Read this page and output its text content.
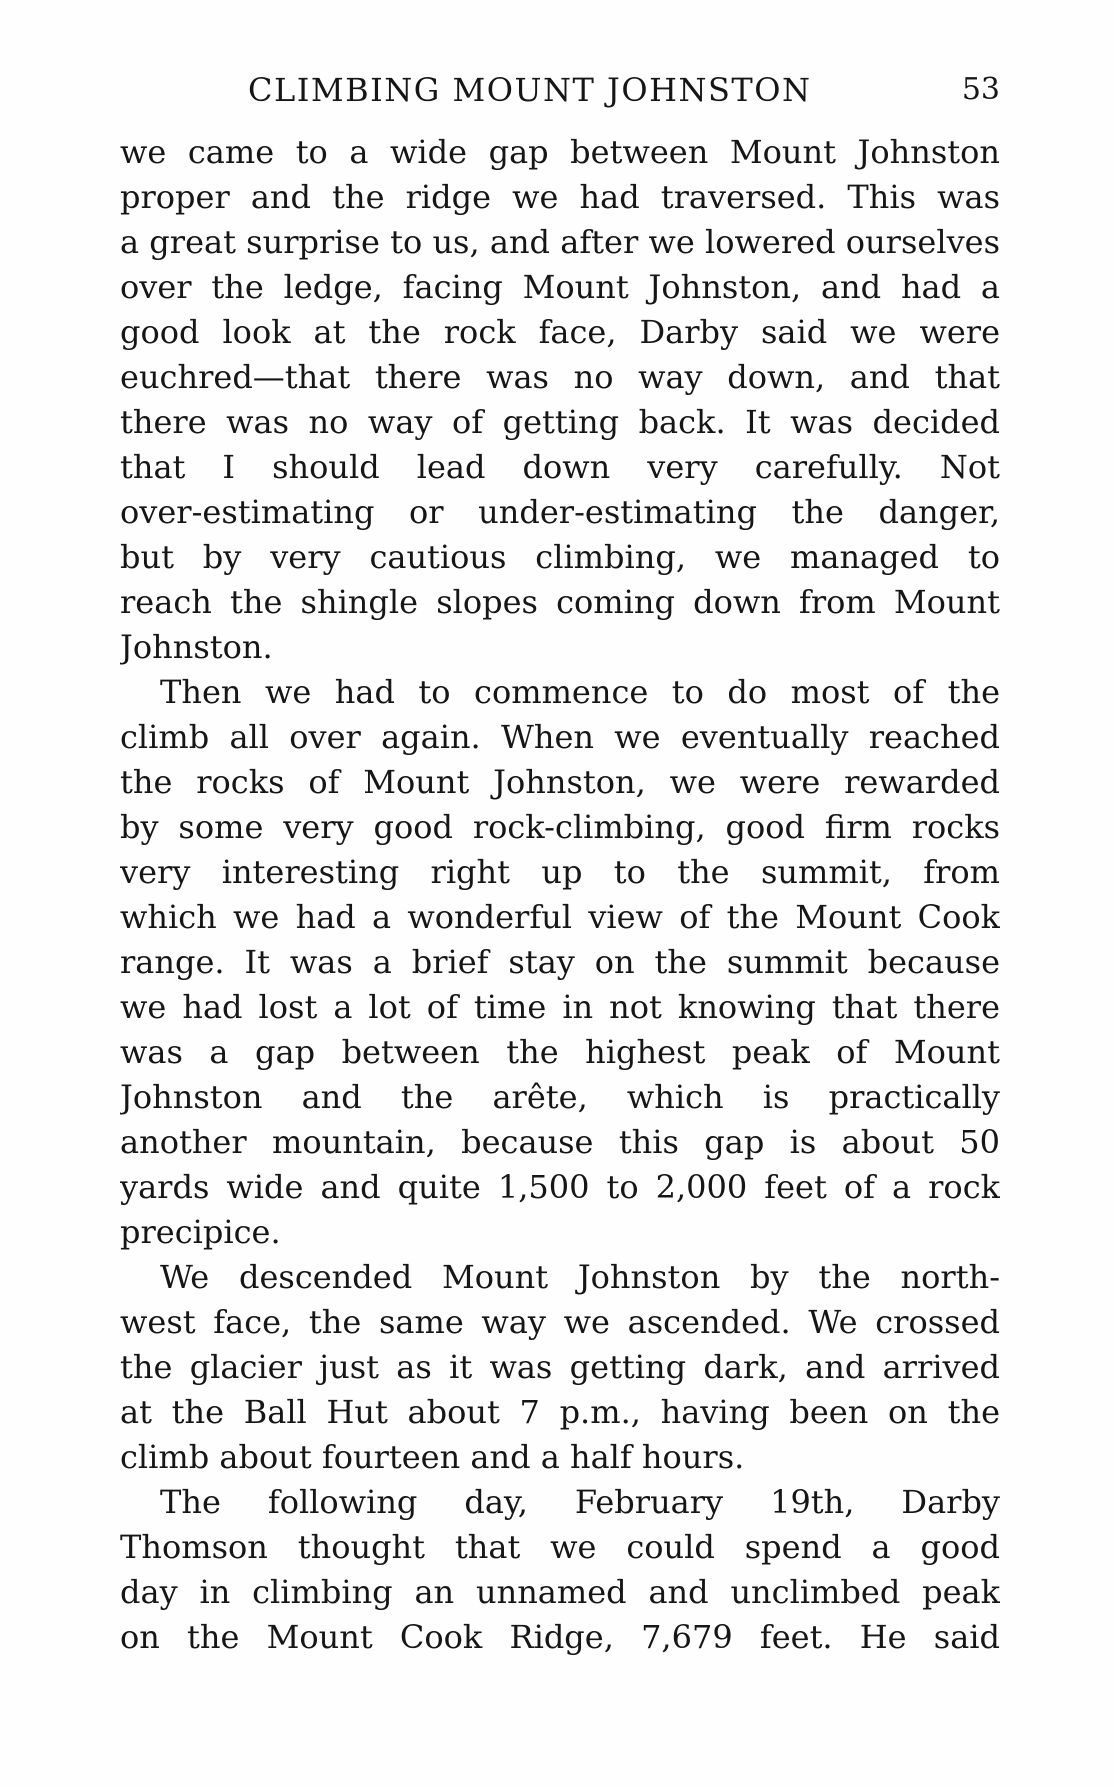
CLIMBING MOUNT JOHNSTON	53
we came to a wide gap between Mount Johnston
proper and the ridge we had traversed. This was
a great surprise to us, and after we lowered ourselves
over the ledge, facing Mount Johnston, and had a
good look at the rock face, Darby said we were
euchred—that there was no way down, and that
there was no way of getting back. It was decided
that I should lead down very carefully. Not
over-estimating or under-estimating the danger,
but by very cautious climbing, we managed to
reach the shingle slopes coming down from Mount
Johnston.
Then we had to commence to do most of the
climb all over again. When we eventually reached
the rocks of Mount Johnston, we were rewarded
by some very good rock-climbing, good firm rocks
very interesting right up to the summit, from
which we had a wonderful view of the Mount Cook
range. It was a brief stay on the summit because
we had lost a lot of time in not knowing that there
was a gap between the highest peak of Mount
Johnston and the arête, which is practically
another mountain, because this gap is about 50
yards wide and quite 1,500 to 2,000 feet of a rock
precipice.
We descended Mount Johnston by the north-
west face, the same way we ascended. We crossed
the glacier just as it was getting dark, and arrived
at the Ball Hut about 7 p.m., having been on the
climb about fourteen and a half hours.
The following day, February 19th, Darby
Thomson thought that we could spend a good
day in climbing an unnamed and unclimbed peak
on the Mount Cook Ridge, 7,679 feet. He said
